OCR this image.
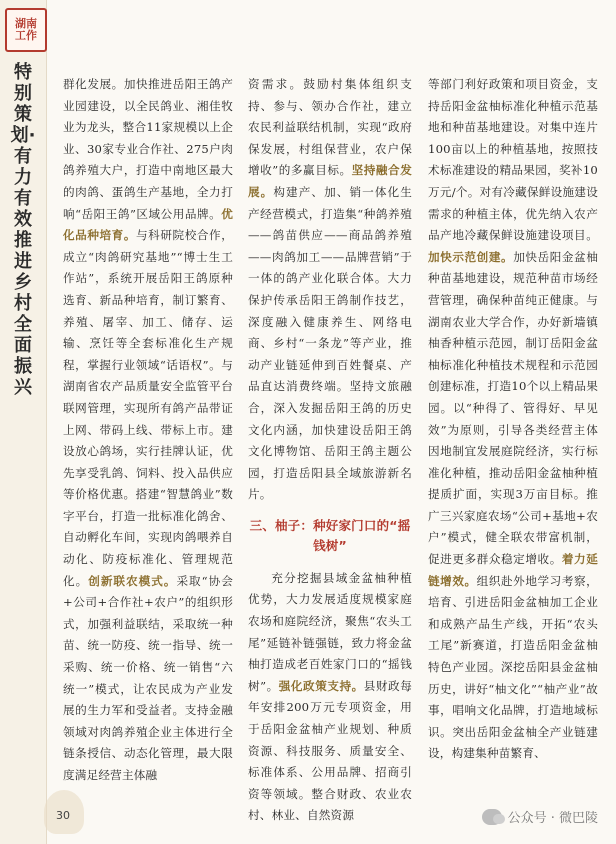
湖南
工作
特别策划·有力有效推进乡村全面振兴
群化发展。加快推进岳阳王鸽产业园建设，以全民鸽业、湘佳牧业为龙头，整合11家规模以上企业、30家专业合作社、275户肉鸽养殖大户，打造中南地区最大的肉鸽、蛋鸽生产基地，全力打响“岳阳王鸽”区域公用品牌。优化品种培育。与科研院校合作，成立“肉鸽研究基地”“博士生工作站”，系统开展岳阳王鸽原种选育、新品种培育，制订繁育、养殖、屠宰、加工、储存、运输、烹饪等全套标准化生产规程，掌握行业领域“话语权”。与湖南省农产品质量安全监管平台联网管理，实现所有鸽产品带证上网、带码上线、带标上市。建设放心鸽场，实行挂牌认证，优先享受乳鸽、饲料、投入品供应等价格优惠。搭建“智慧鸽业”数字平台，打造一批标准化鸽舍、自动孵化车间，实现肉鸽喂养自动化、防疫标准化、管理规范化。创新联农模式。采取“协会+公司+合作社+农户”的组织形式，加强利益联结，采取统一种苗、统一防疫、统一指导、统一采购、统一价格、统一销售“六统一”模式，让农民成为产业发展的生力军和受益者。支持金融领域对肉鸽养殖企业主体进行全链条授信、动态化管理，最大限度满足经营主体融
资需求。鼓励村集体组织支持、参与、领办合作社，建立农民利益联结机制，实现“政府保发展，村组保营业，农户保增收”的多赢目标。坚持融合发展。构建产、加、销一体化生产经营模式，打造集“种鸽养殖——鸽苗供应——商品鸽养殖——肉鸽加工——品牌营销”于一体的鸽产业化联合体。大力保护传承岳阳王鸽制作技艺，深度融入健康养生、网络电商、乡村“一条龙”等产业，推动产业链延伸到百姓餐桌、产品直达消费终端。坚持文旅融合，深入发掘岳阳王鸽的历史文化内涵，加快建设岳阳王鸽文化博物馆、岳阳王鸽主题公园，打造岳阳县全域旅游新名片。
三、柚子：种好家门口的“摇钱树”
充分挖掘县域金盆柚种植优势，大力发展适度规模家庭农场和庭院经济，聚焦“农头工尾”延链补链强链，致力将金盆柚打造成老百姓家门口的“摇钱树”。强化政策支持。县财政每年安排200万元专项资金，用于岳阳金盆柚产业规划、种质资源、科技服务、质量安全、标准体系、公用品牌、招商引资等领域。整合财政、农业农村、林业、自然资源
等部门利好政策和项目资金，支持岳阳金盆柚标准化种植示范基地和种苗基地建设。对集中连片100亩以上的种植基地，按照技术标准建设的精品果园，奖补10万元/个。对有冷藏保鲜设施建设需求的种植主体，优先纳入农产品产地冷藏保鲜设施建设项目。加快示范创建。加快岳阳金盆柚种苗基地建设，规范种苗市场经营管理，确保种苗纯正健康。与湖南农业大学合作，办好新墙镇柚香种植示范园，制订岳阳金盆柚标准化种植技术规程和示范园创建标准，打造10个以上精品果园。以“种得了、管得好、早见效”为原则，引导各类经营主体因地制宜发展庭院经济，实行标准化种植，推动岳阳金盆柚种植提质扩面，实现3万亩目标。推广三兴家庭农场“公司+基地+农户”模式，健全联农带富机制，促进更多群众稳定增收。着力延链增效。组织赴外地学习考察，培育、引进岳阳金盆柚加工企业和成熟产品生产线，开拓“农头工尾”新赛道，打造岳阳金盆柚特色产业园。深挖岳阳县金盆柚历史，讲好“柚文化”“柚产业”故事，唱响文化品牌，打造地域标识。突出岳阳金盆柚全产业链建设，构建集种苗繁育、
30	公众号 · 微巴陵
